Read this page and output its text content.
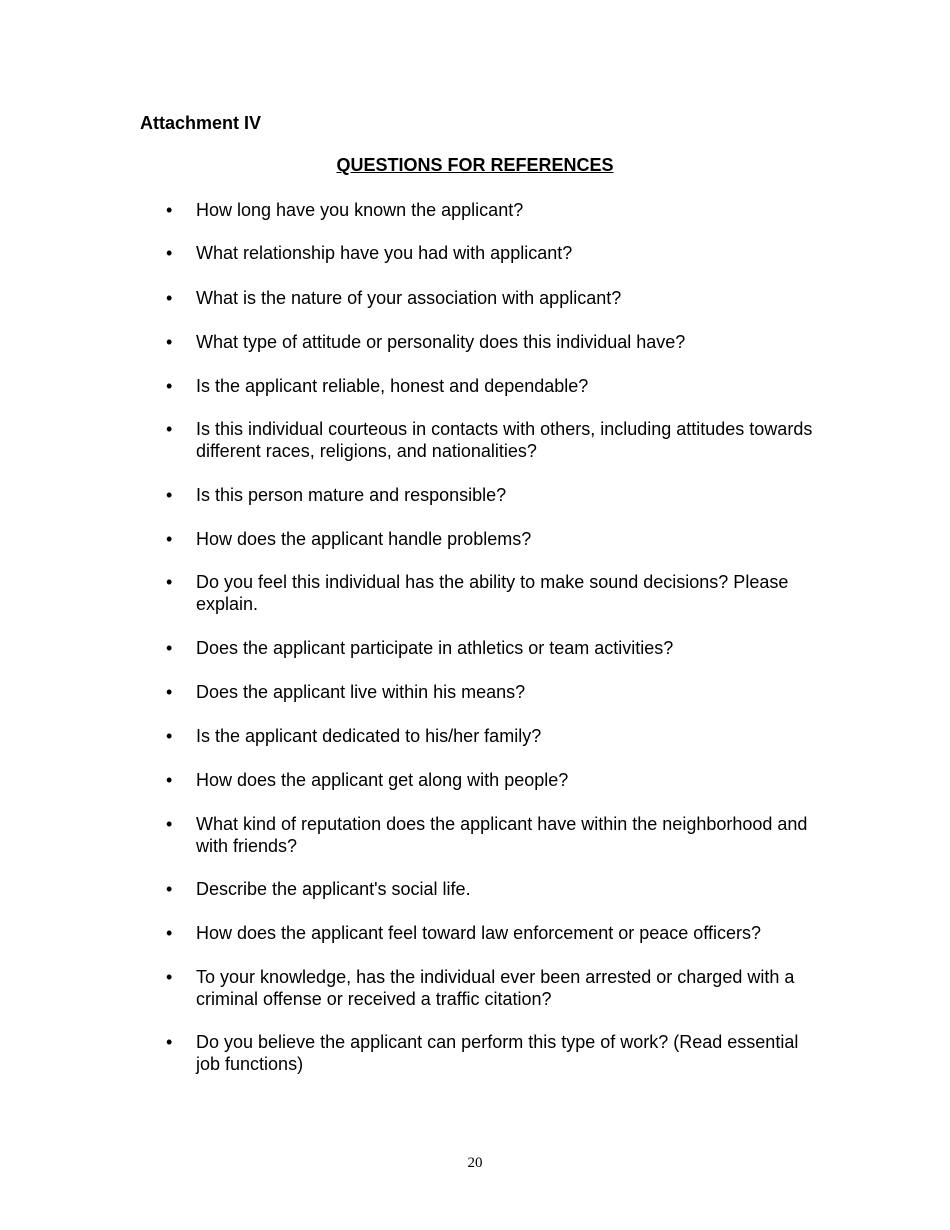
Attachment IV
QUESTIONS FOR REFERENCES
• How long have you known the applicant?
• What relationship have you had with applicant?
• What is the nature of your association with applicant?
• What type of attitude or personality does this individual have?
• Is the applicant reliable, honest and dependable?
• Is this individual courteous in contacts with others, including attitudes towards different races, religions, and nationalities?
• Is this person mature and responsible?
• How does the applicant handle problems?
• Do you feel this individual has the ability to make sound decisions? Please explain.
• Does the applicant participate in athletics or team activities?
• Does the applicant live within his means?
• Is the applicant dedicated to his/her family?
• How does the applicant get along with people?
• What kind of reputation does the applicant have within the neighborhood and with friends?
• Describe the applicant's social life.
• How does the applicant feel toward law enforcement or peace officers?
• To your knowledge, has the individual ever been arrested or charged with a criminal offense or received a traffic citation?
• Do you believe the applicant can perform this type of work? (Read essential job functions)
20
